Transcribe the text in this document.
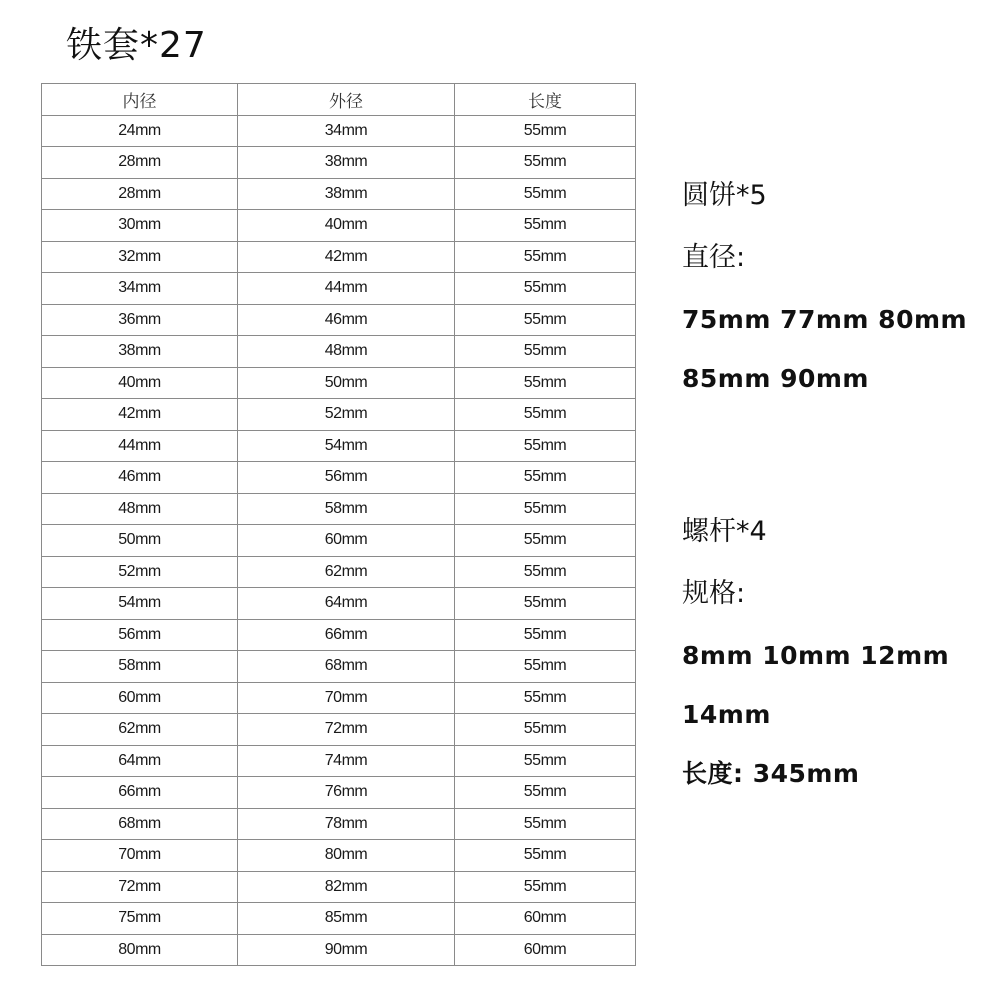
铁套*27
内径	外径	长度
24mm	34mm	55mm
28mm	38mm	55mm
28mm	38mm	55mm
30mm	40mm	55mm
32mm	42mm	55mm
34mm	44mm	55mm
36mm	46mm	55mm
38mm	48mm	55mm
40mm	50mm	55mm
42mm	52mm	55mm
44mm	54mm	55mm
46mm	56mm	55mm
48mm	58mm	55mm
50mm	60mm	55mm
52mm	62mm	55mm
54mm	64mm	55mm
56mm	66mm	55mm
58mm	68mm	55mm
60mm	70mm	55mm
62mm	72mm	55mm
64mm	74mm	55mm
66mm	76mm	55mm
68mm	78mm	55mm
70mm	80mm	55mm
72mm	82mm	55mm
75mm	85mm	60mm
80mm	90mm	60mm
圆饼*5
直径:
75mm 77mm 80mm
85mm 90mm
螺杆*4
规格:
8mm 10mm 12mm
14mm
长度: 345mm
